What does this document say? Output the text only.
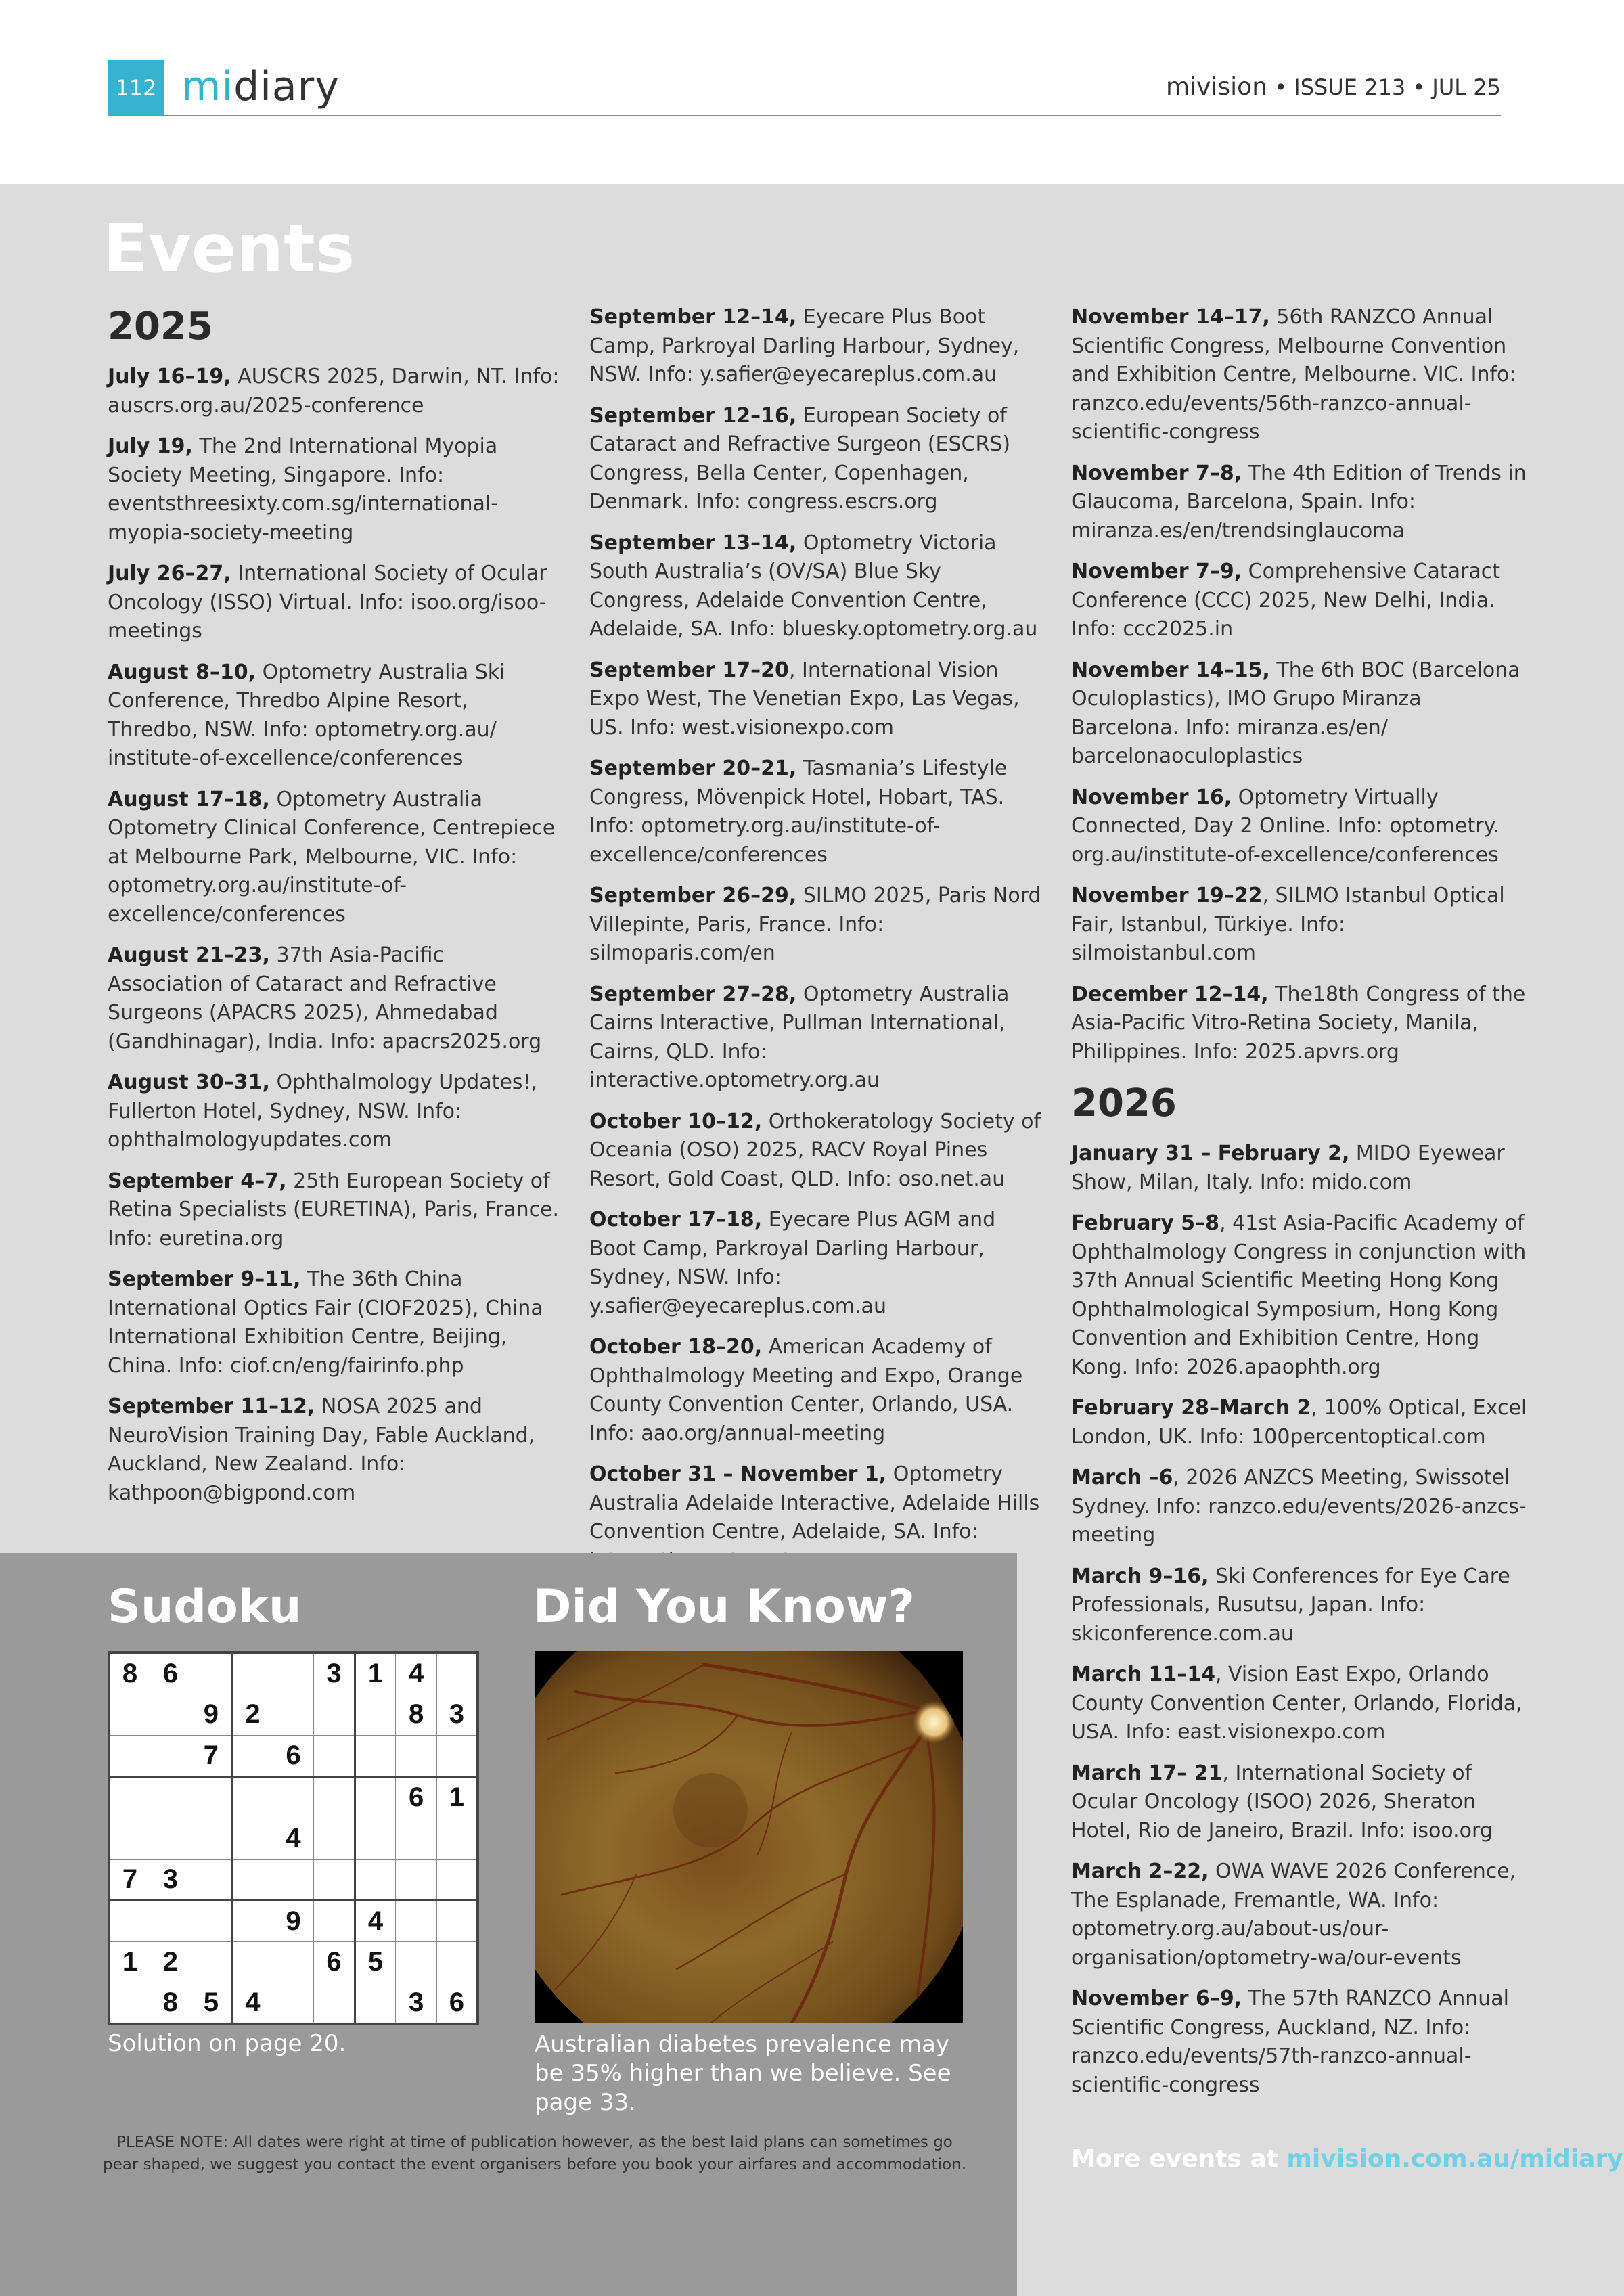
112 midiary	mivision • ISSUE 213 • JUL 25
Events
2025

July 16–19, AUSCRS 2025, Darwin, NT. Info: auscrs.org.au/2025-conference

July 19, The 2nd International Myopia Society Meeting, Singapore. Info: eventsthreesixty.com.sg/international-myopia-society-meeting

July 26–27, International Society of Ocular Oncology (ISSO) Virtual. Info: isoo.org/isoo-meetings

August 8–10, Optometry Australia Ski Conference, Thredbo Alpine Resort, Thredbo, NSW. Info: optometry.org.au/ institute-of-excellence/conferences

August 17–18, Optometry Australia Optometry Clinical Conference, Centrepiece at Melbourne Park, Melbourne, VIC. Info: optometry.org.au/institute-of-excellence/conferences

August 21–23, 37th Asia-Pacific Association of Cataract and Refractive Surgeons (APACRS 2025), Ahmedabad (Gandhinagar), India. Info: apacrs2025.org

August 30–31, Ophthalmology Updates!, Fullerton Hotel, Sydney, NSW. Info: ophthalmologyupdates.com

September 4–7, 25th European Society of Retina Specialists (EURETINA), Paris, France. Info: euretina.org

September 9–11, The 36th China International Optics Fair (CIOF2025), China International Exhibition Centre, Beijing, China. Info: ciof.cn/eng/fairinfo.php

September 11–12, NOSA 2025 and NeuroVision Training Day, Fable Auckland, Auckland, New Zealand. Info: kathpoon@bigpond.com

September 12–14, Eyecare Plus Boot Camp, Parkroyal Darling Harbour, Sydney, NSW. Info: y.safier@eyecareplus.com.au

September 12–16, European Society of Cataract and Refractive Surgeon (ESCRS) Congress, Bella Center, Copenhagen, Denmark. Info: congress.escrs.org

September 13–14, Optometry Victoria South Australia’s (OV/SA) Blue Sky Congress, Adelaide Convention Centre, Adelaide, SA. Info: bluesky.optometry.org.au

September 17–20, International Vision Expo West, The Venetian Expo, Las Vegas, US. Info: west.visionexpo.com

September 20–21, Tasmania’s Lifestyle Congress, Mövenpick Hotel, Hobart, TAS. Info: optometry.org.au/institute-of-excellence/conferences

September 26–29, SILMO 2025, Paris Nord Villepinte, Paris, France. Info: silmoparis.com/en

September 27–28, Optometry Australia Cairns Interactive, Pullman International, Cairns, QLD. Info: interactive.optometry.org.au

October 10–12, Orthokeratology Society of Oceania (OSO) 2025, RACV Royal Pines Resort, Gold Coast, QLD. Info: oso.net.au

October 17–18, Eyecare Plus AGM and Boot Camp, Parkroyal Darling Harbour, Sydney, NSW. Info: y.safier@eyecareplus.com.au

October 18–20, American Academy of Ophthalmology Meeting and Expo, Orange County Convention Center, Orlando, USA. Info: aao.org/annual-meeting

October 31 – November 1, Optometry Australia Adelaide Interactive, Adelaide Hills Convention Centre, Adelaide, SA. Info:

November 14–17, 56th RANZCO Annual Scientific Congress, Melbourne Convention and Exhibition Centre, Melbourne. VIC. Info: ranzco.edu/events/56th-ranzco-annual-scientific-congress

November 7–8, The 4th Edition of Trends in Glaucoma, Barcelona, Spain. Info: miranza.es/en/trendsinglaucoma

November 7–9, Comprehensive Cataract Conference (CCC) 2025, New Delhi, India. Info: ccc2025.in

November 14–15, The 6th BOC (Barcelona Oculoplastics), IMO Grupo Miranza Barcelona. Info: miranza.es/en/ barcelonaoculoplastics

November 16, Optometry Virtually Connected, Day 2 Online. Info: optometry. org.au/institute-of-excellence/conferences

November 19–22, SILMO Istanbul Optical Fair, Istanbul, Türkiye. Info: silmoistanbul.com

December 12–14, The18th Congress of the Asia-Pacific Vitro-Retina Society, Manila, Philippines. Info: 2025.apvrs.org

2026

January 31 – February 2, MIDO Eyewear Show, Milan, Italy. Info: mido.com

February 5–8, 41st Asia-Pacific Academy of Ophthalmology Congress in conjunction with 37th Annual Scientific Meeting Hong Kong Ophthalmological Symposium, Hong Kong Convention and Exhibition Centre, Hong Kong. Info: 2026.apaophth.org

February 28–March 2, 100% Optical, Excel London, UK. Info: 100percentoptical.com

March –6, 2026 ANZCS Meeting, Swissotel Sydney. Info: ranzco.edu/events/2026-anzcs-meeting

March 9–16, Ski Conferences for Eye Care Professionals, Rusutsu, Japan. Info: skiconference.com.au

March 11–14, Vision East Expo, Orlando County Convention Center, Orlando, Florida, USA. Info: east.visionexpo.com

March 17– 21, International Society of Ocular Oncology (ISOO) 2026, Sheraton Hotel, Rio de Janeiro, Brazil. Info: isoo.org

March 2–22, OWA WAVE 2026 Conference, The Esplanade, Fremantle, WA. Info: optometry.org.au/about-us/our-organisation/optometry-wa/our-events

November 6–9, The 57th RANZCO Annual Scientific Congress, Auckland, NZ. Info: ranzco.edu/events/57th-ranzco-annual-scientific-congress

Sudoku	Did You Know?
8	6				3	1	4	
		9	2				8	3
		7		6				
							6	1
				4				
7	3							
				9		4		
1	2				6	5		
	8	5	4				3	6
Solution on page 20.	Australian diabetes prevalence may be 35% higher than we believe. See page 33.
PLEASE NOTE: All dates were right at time of publication however, as the best laid plans can sometimes go pear shaped, we suggest you contact the event organisers before you book your airfares and accommodation.	More events at mivision.com.au/midiary
